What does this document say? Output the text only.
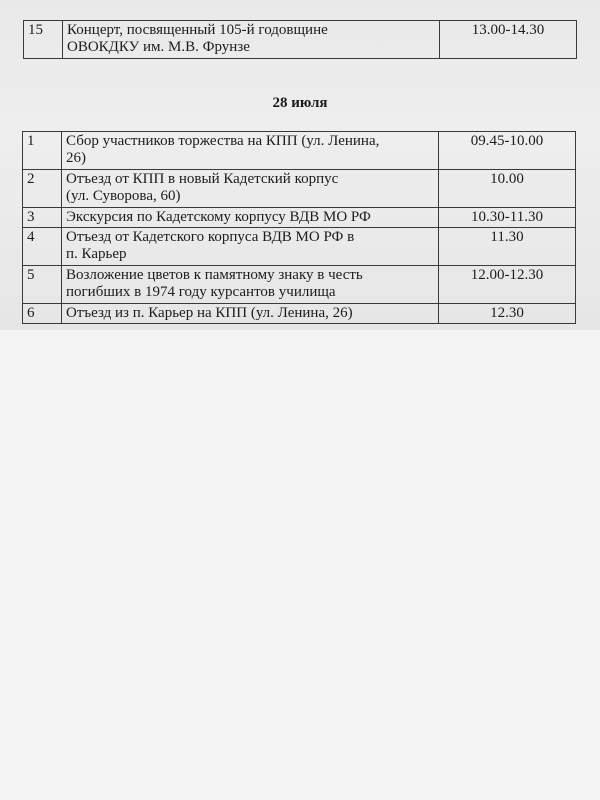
15	Концерт, посвященный 105-й годовщине
ОВОКДКУ им. М.В. Фрунзе	13.00-14.30
28 июля
1	Сбор участников торжества на КПП (ул. Ленина,
26)	09.45-10.00
2	Отъезд от КПП в новый Кадетский корпус
(ул. Суворова, 60)	10.00
3	Экскурсия по Кадетскому корпусу ВДВ МО РФ	10.30-11.30
4	Отъезд от Кадетского корпуса ВДВ МО РФ в
п. Карьер	11.30
5	Возложение цветов к памятному знаку в честь
погибших в 1974 году курсантов училища	12.00-12.30
6	Отъезд из п. Карьер на КПП (ул. Ленина, 26)	12.30
